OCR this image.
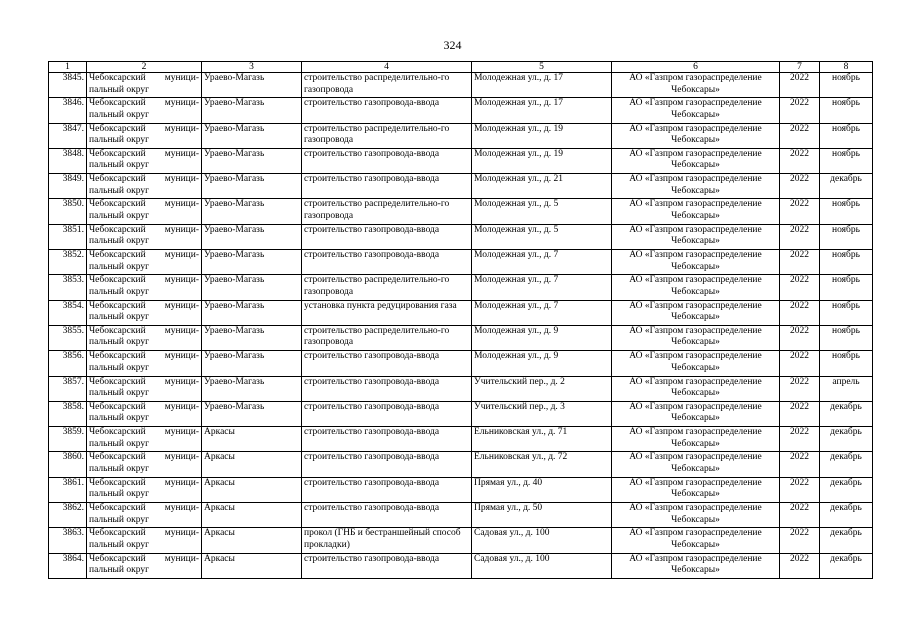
324
1	2	3	4	5	6	7	8
3845.	Чебоксарский муници-пальный округ	Ураево-Магазь	строительство распределительно-го газопровода	Молодежная ул., д. 17	АО «Газпром газораспределение Чебоксары»	2022	ноябрь
3846.	Чебоксарский муници-пальный округ	Ураево-Магазь	строительство газопровода-ввода	Молодежная ул., д. 17	АО «Газпром газораспределение Чебоксары»	2022	ноябрь
3847.	Чебоксарский муници-пальный округ	Ураево-Магазь	строительство распределительно-го газопровода	Молодежная ул., д. 19	АО «Газпром газораспределение Чебоксары»	2022	ноябрь
3848.	Чебоксарский муници-пальный округ	Ураево-Магазь	строительство газопровода-ввода	Молодежная ул., д. 19	АО «Газпром газораспределение Чебоксары»	2022	ноябрь
3849.	Чебоксарский муници-пальный округ	Ураево-Магазь	строительство газопровода-ввода	Молодежная ул., д. 21	АО «Газпром газораспределение Чебоксары»	2022	декабрь
3850.	Чебоксарский муници-пальный округ	Ураево-Магазь	строительство распределительно-го газопровода	Молодежная ул., д. 5	АО «Газпром газораспределение Чебоксары»	2022	ноябрь
3851.	Чебоксарский муници-пальный округ	Ураево-Магазь	строительство газопровода-ввода	Молодежная ул., д. 5	АО «Газпром газораспределение Чебоксары»	2022	ноябрь
3852.	Чебоксарский муници-пальный округ	Ураево-Магазь	строительство газопровода-ввода	Молодежная ул., д. 7	АО «Газпром газораспределение Чебоксары»	2022	ноябрь
3853.	Чебоксарский муници-пальный округ	Ураево-Магазь	строительство распределительно-го газопровода	Молодежная ул., д. 7	АО «Газпром газораспределение Чебоксары»	2022	ноябрь
3854.	Чебоксарский муници-пальный округ	Ураево-Магазь	установка пункта редуцирования газа	Молодежная ул., д. 7	АО «Газпром газораспределение Чебоксары»	2022	ноябрь
3855.	Чебоксарский муници-пальный округ	Ураево-Магазь	строительство распределительно-го газопровода	Молодежная ул., д. 9	АО «Газпром газораспределение Чебоксары»	2022	ноябрь
3856.	Чебоксарский муници-пальный округ	Ураево-Магазь	строительство газопровода-ввода	Молодежная ул., д. 9	АО «Газпром газораспределение Чебоксары»	2022	ноябрь
3857.	Чебоксарский муници-пальный округ	Ураево-Магазь	строительство газопровода-ввода	Учительский пер., д. 2	АО «Газпром газораспределение Чебоксары»	2022	апрель
3858.	Чебоксарский муници-пальный округ	Ураево-Магазь	строительство газопровода-ввода	Учительский пер., д. 3	АО «Газпром газораспределение Чебоксары»	2022	декабрь
3859.	Чебоксарский муници-пальный округ	Аркасы	строительство газопровода-ввода	Ельниковская ул., д. 71	АО «Газпром газораспределение Чебоксары»	2022	декабрь
3860.	Чебоксарский муници-пальный округ	Аркасы	строительство газопровода-ввода	Ельниковская ул., д. 72	АО «Газпром газораспределение Чебоксары»	2022	декабрь
3861.	Чебоксарский муници-пальный округ	Аркасы	строительство газопровода-ввода	Прямая ул., д. 40	АО «Газпром газораспределение Чебоксары»	2022	декабрь
3862.	Чебоксарский муници-пальный округ	Аркасы	строительство газопровода-ввода	Прямая ул., д. 50	АО «Газпром газораспределение Чебоксары»	2022	декабрь
3863.	Чебоксарский муници-пальный округ	Аркасы	прокол (ГНБ и бестраншейный способ прокладки)	Садовая ул., д. 100	АО «Газпром газораспределение Чебоксары»	2022	декабрь
3864.	Чебоксарский муници-пальный округ	Аркасы	строительство газопровода-ввода	Садовая ул., д. 100	АО «Газпром газораспределение Чебоксары»	2022	декабрь
